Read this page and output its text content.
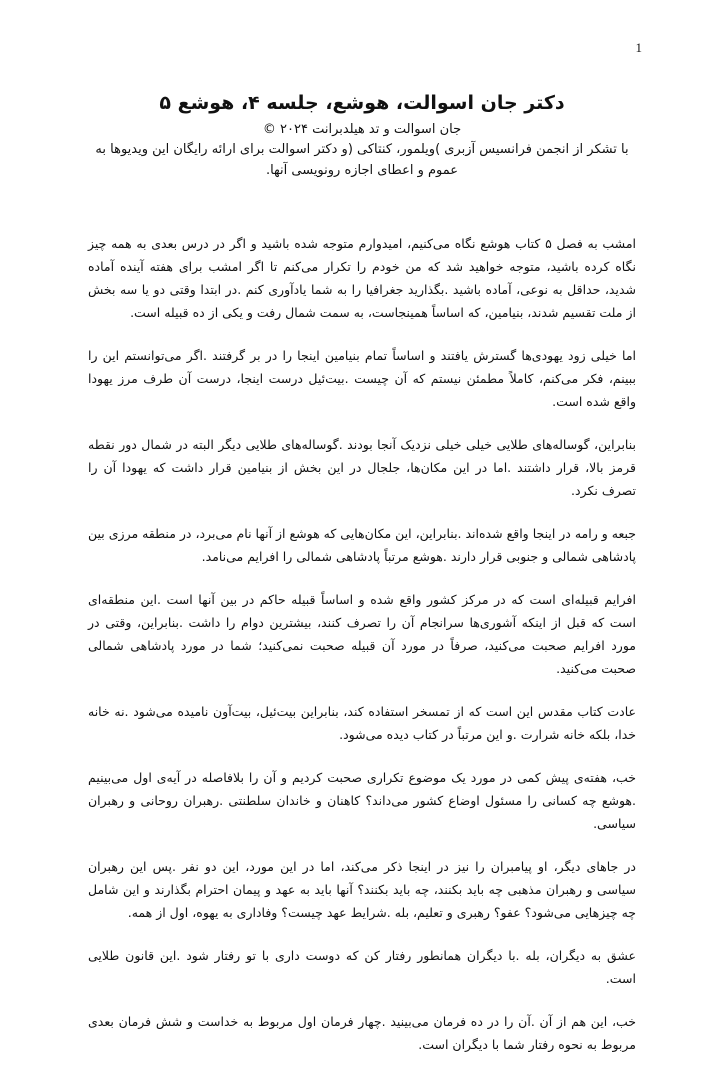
1
دکتر جان اسوالت، هوشع، جلسه ۴، هوشع ۵
جان اسوالت و تد هیلدبرانت ۲۰۲۴ ©
با تشکر از انجمن فرانسیس آزبری )ویلمور، کنتاکی (و دکتر اسوالت برای ارائه رایگان این ویدیوها به عموم و اعطای اجازه رونویسی آنها.

امشب به فصل ۵ کتاب هوشع نگاه می‌کنیم، امیدوارم متوجه شده باشید و اگر در درس بعدی به همه چیز نگاه کرده باشید، متوجه خواهید شد که من خودم را تکرار می‌کنم تا اگر امشب برای هفته آینده آماده شدید، حداقل به نوعی، آماده باشید .بگذارید جغرافیا را به شما یادآوری کنم .در ابتدا وقتی دو یا سه بخش از ملت تقسیم شدند، بنیامین، که اساساً همینجاست، به سمت شمال رفت و یکی از ده قبیله است.

اما خیلی زود یهودی‌ها گسترش یافتند و اساساً تمام بنیامین اینجا را در بر گرفتند .اگر می‌توانستم این را ببینم، فکر می‌کنم، کاملاً مطمئن نیستم که آن چیست .بیت‌ئیل درست اینجا، درست آن طرف مرز یهودا واقع شده است.

بنابراین، گوساله‌های طلایی خیلی خیلی نزدیک آنجا بودند .گوساله‌های طلایی دیگر البته در شمال دور نقطه قرمز بالا، قرار داشتند .اما در این مکان‌ها، جلجال در این بخش از بنیامین قرار داشت که یهودا آن را تصرف نکرد.

جبعه و رامه در اینجا واقع شده‌اند .بنابراین، این مکان‌هایی که هوشع از آنها نام می‌برد، در منطقه مرزی بین پادشاهی شمالی و جنوبی قرار دارند .هوشع مرتباً پادشاهی شمالی را افرایم می‌نامد.

افرایم قبیله‌ای است که در مرکز کشور واقع شده و اساساً قبیله حاکم در بین آنها است .این منطقه‌ای است که قبل از اینکه آشوری‌ها سرانجام آن را تصرف کنند، بیشترین دوام را داشت .بنابراین، وقتی در مورد افرایم صحبت می‌کنید، صرفاً در مورد آن قبیله صحبت نمی‌کنید؛ شما در مورد پادشاهی شمالی صحبت می‌کنید.

عادت کتاب مقدس این است که از تمسخر استفاده کند، بنابراین بیت‌ئیل، بیت‌آون نامیده می‌شود .نه خانه خدا، بلکه خانه شرارت .و این مرتباً در کتاب دیده می‌شود.

خب، هفته‌ی پیش کمی در مورد یک موضوع تکراری صحبت کردیم و آن را بلافاصله در آیه‌ی اول می‌بینیم .هوشع چه کسانی را مسئول اوضاع کشور می‌داند؟ کاهنان و خاندان سلطنتی .رهبران روحانی و رهبران سیاسی.

در جاهای دیگر، او پیامبران را نیز در اینجا ذکر می‌کند، اما در این مورد، این دو نفر .پس این رهبران سیاسی و رهبران مذهبی چه باید بکنند، چه باید بکنند؟ آنها باید به عهد و پیمان احترام بگذارند و این شامل چه چیزهایی می‌شود؟ عفو؟ رهبری و تعلیم، بله .شرایط عهد چیست؟ وفاداری به یهوه، اول از همه.

عشق به دیگران، بله .با دیگران همانطور رفتار کن که دوست داری با تو رفتار شود .این قانون طلایی است.

خب، این هم از آن .آن را در ده فرمان می‌بینید .چهار فرمان اول مربوط به خداست و شش فرمان بعدی مربوط به نحوه رفتار شما با دیگران است.
